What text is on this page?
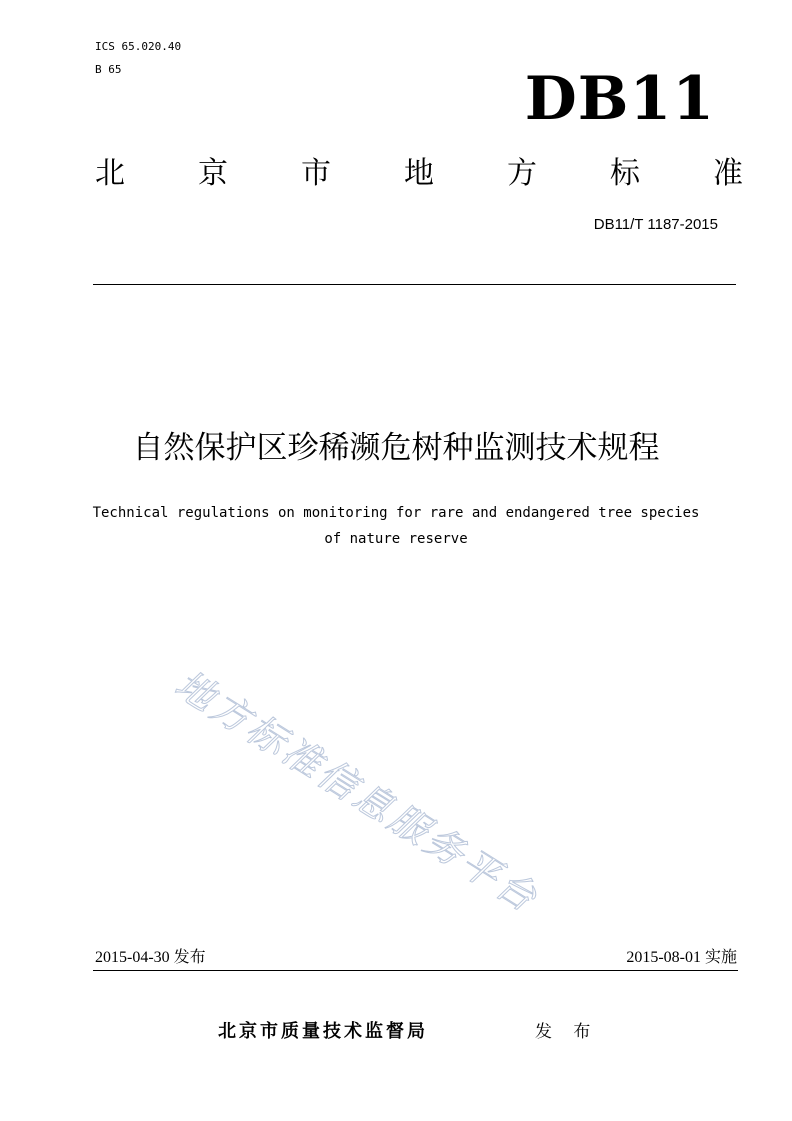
ICS 65.020.40
B 65	DB11
北 京 市 地 方 标 准
DB11/T 1187-2015
自然保护区珍稀濒危树种监测技术规程
Technical regulations on monitoring for rare and endangered tree species
of nature reserve
地方标准信息服务平台
2015-04-30 发布	2015-08-01 实施
北京市质量技术监督局	发 布
